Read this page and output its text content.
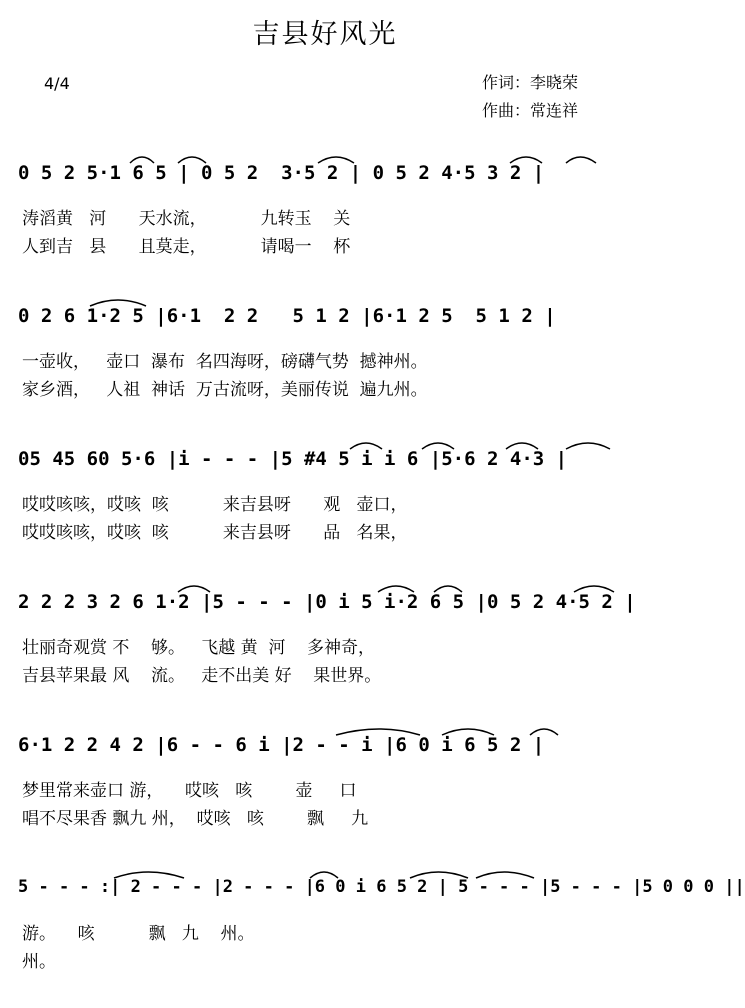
吉县好风光
4/4	作词：李晓荣
作曲：常连祥
0 5 2 5·1 6 5 | 0 5 2  3·5 2 | 0 5 2 4·5 3 2 |
涛滔黄   河      天水流，          九转玉    关
人到吉   县      且莫走，          请喝一    杯
0 2 6 1·2 5 |6·1  2 2   5 1 2 |6·1 2 5  5 1 2 |
一壶收，   壶口  瀑布  名四海呀，磅礴气势  撼神州。
家乡酒，   人祖  神话  万古流呀，美丽传说  遍九州。
05 45 60 5·6 |i - - - |5 #4 5 i i 6 |5·6 2 4·3 |
哎哎咳咳，哎咳  咳          来吉县呀      观   壶口，
哎哎咳咳，哎咳  咳          来吉县呀      品   名果，
2 2 2 3 2 6 1·2 |5 - - - |0 i 5 i·2 6 5 |0 5 2 4·5 2 |
壮丽奇观赏 不    够。   飞越 黄  河    多神奇，
吉县苹果最 风    流。   走不出美 好    果世界。
6·1 2 2 4 2 |6 - - 6 i |2 - - i |6 0 i 6 5 2 |
梦里常来壶口 游，    哎咳   咳        壶     口
唱不尽果香 飘九 州，  哎咳   咳        飘     九
5 - - - :| 2 - - - |2 - - - |6 0 i 6 5 2 | 5 - - - |5 - - - |5 0 0 0 ||
游。    咳          飘   九    州。
州。
